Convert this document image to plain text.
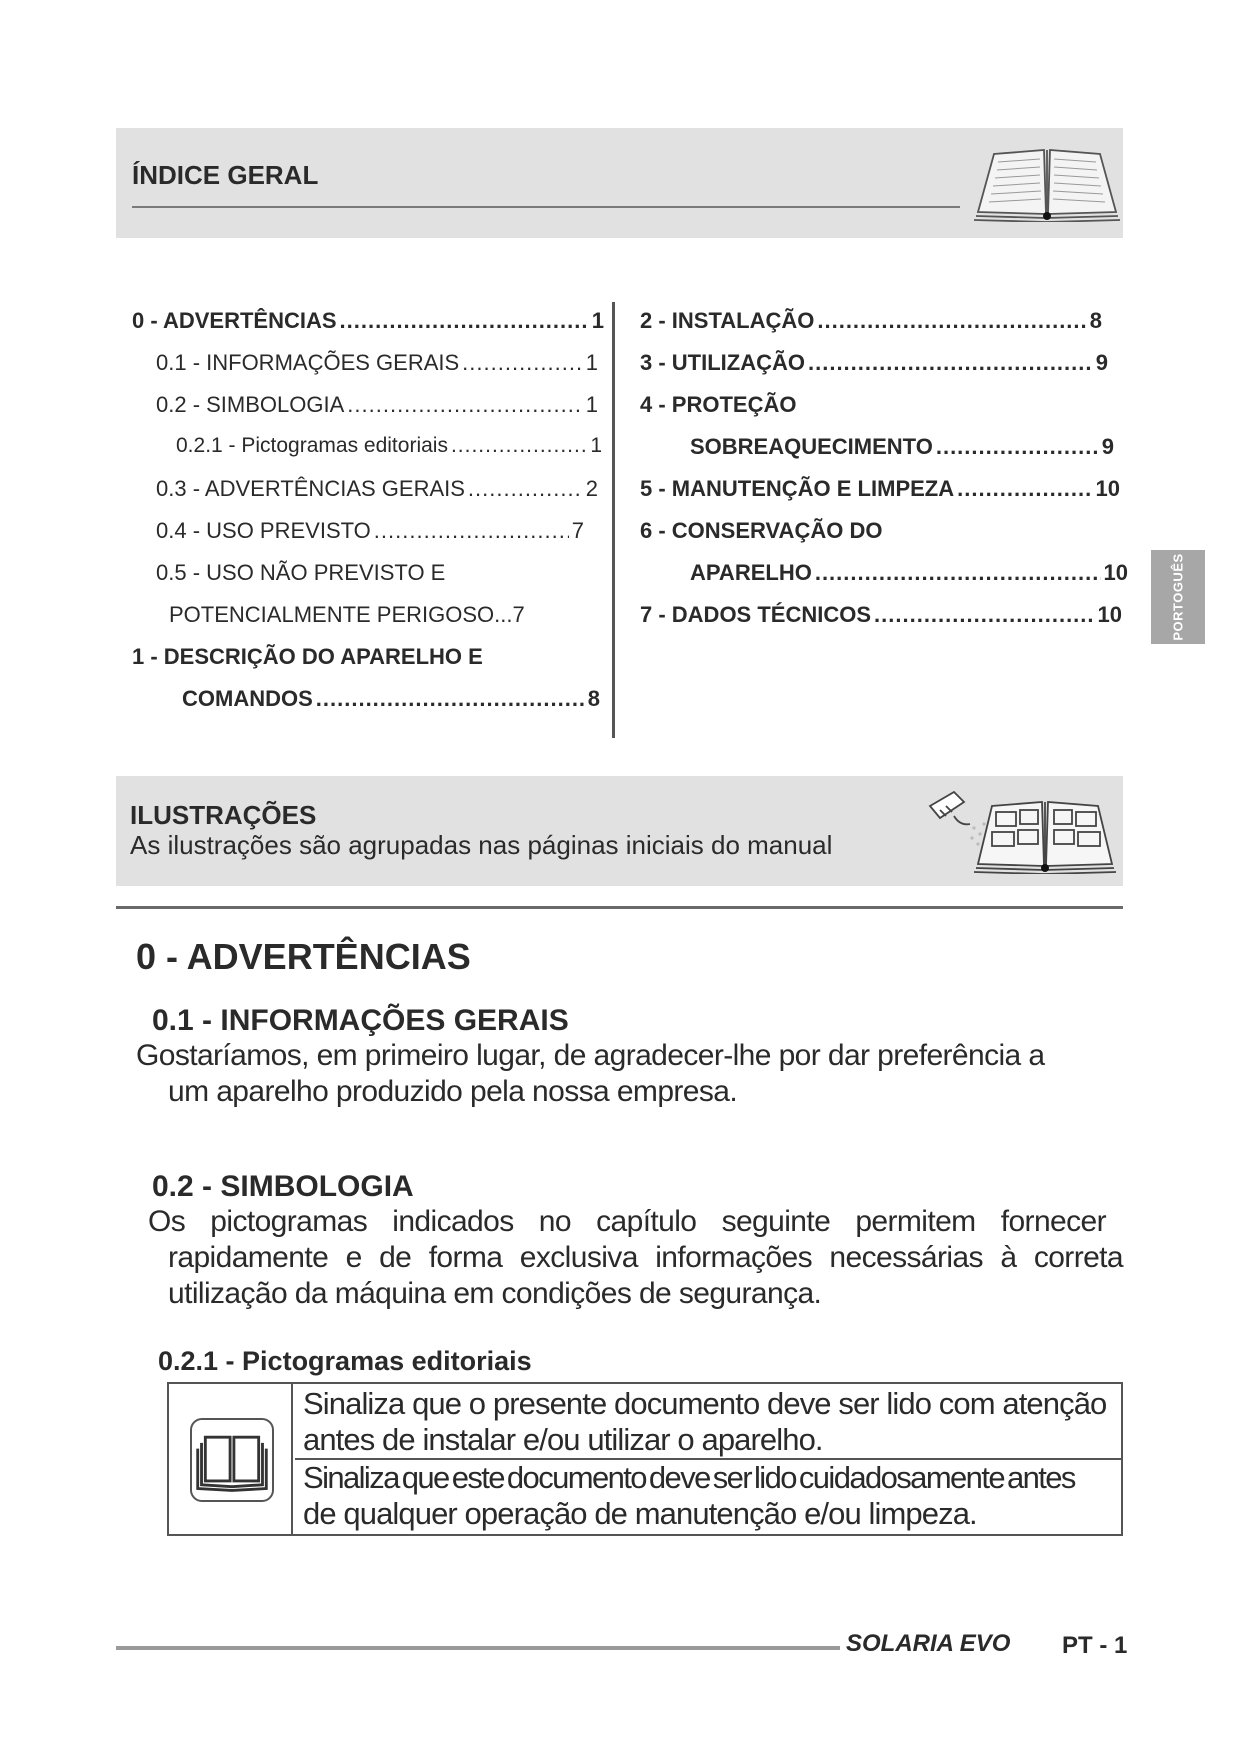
ÍNDICE GERAL
0 - ADVERTÊNCIAS .....	1
0.1 - INFORMAÇÕES GERAIS .....	1
0.2 - SIMBOLOGIA .....	1
0.2.1 - Pictogramas editoriais .....	1
0.3 - ADVERTÊNCIAS GERAIS .....	2
0.4 - USO PREVISTO .....	7
0.5 - USO NÃO PREVISTO E
POTENCIALMENTE PERIGOSO...7
1 - DESCRIÇÃO DO APARELHO E
COMANDOS .....	8
2 - INSTALAÇÃO .....	8
3 - UTILIZAÇÃO .....	9
4 - PROTEÇÃO
SOBREAQUECIMENTO .....	9
5 - MANUTENÇÃO E LIMPEZA .....	10
6 - CONSERVAÇÃO DO
APARELHO .....	10
7 - DADOS TÉCNICOS .....	10	PORTOGUÊS
ILUSTRAÇÕES
As ilustrações são agrupadas nas páginas iniciais do manual
0 - ADVERTÊNCIAS
0.1 - INFORMAÇÕES GERAIS
Gostaríamos, em primeiro lugar, de agradecer-lhe por dar preferência a
um aparelho produzido pela nossa empresa.
0.2 - SIMBOLOGIA
Os pictogramas indicados no capítulo seguinte permitem fornecer
rapidamente e de forma exclusiva informações necessárias à correta
utilização da máquina em condições de segurança.
0.2.1 - Pictogramas editoriais
Sinaliza que o presente documento deve ser lido com atenção
antes de instalar e/ou utilizar o aparelho.
Sinaliza que este documento deve ser lido cuidadosamente antes
de qualquer operação de manutenção e/ou limpeza.
SOLARIA EVO PT - 1
